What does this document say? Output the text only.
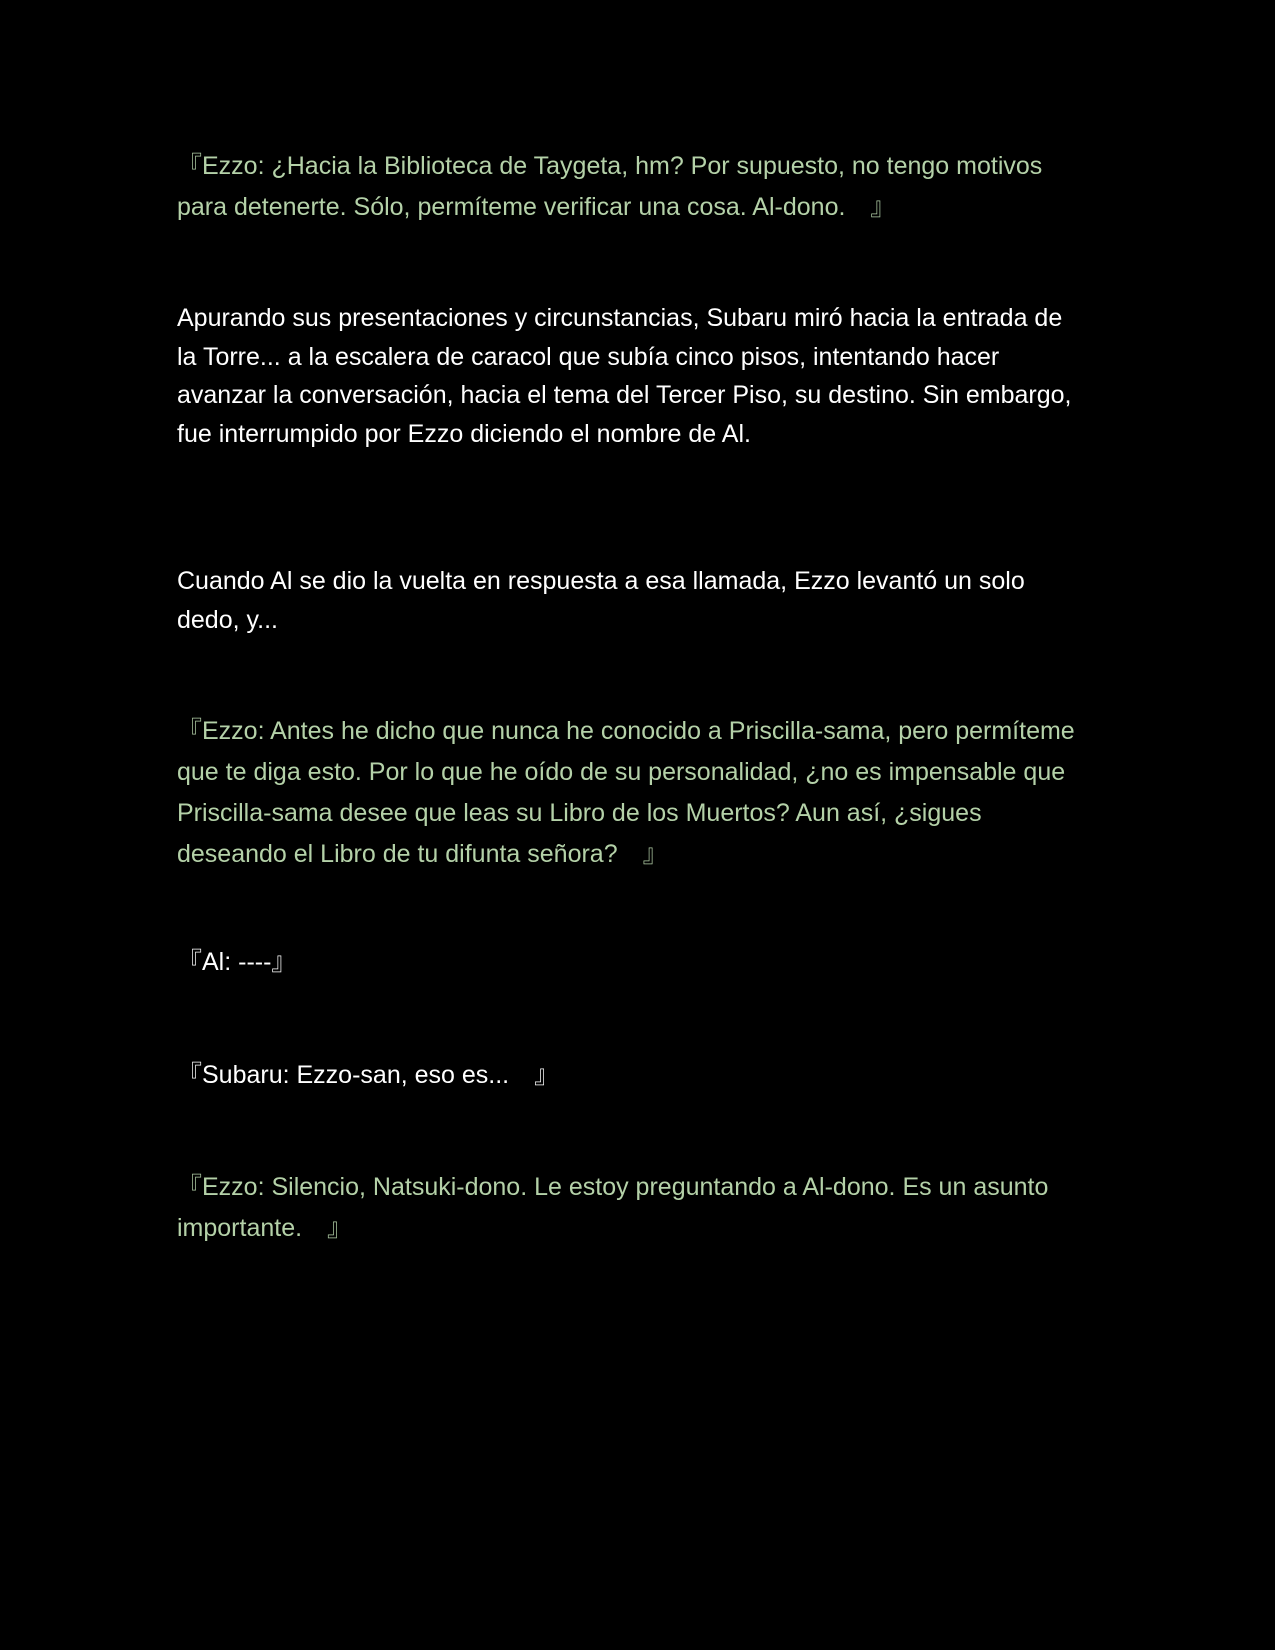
『Ezzo: ¿Hacia la Biblioteca de Taygeta, hm? Por supuesto, no tengo motivos para detenerte. Sólo, permíteme verificar una cosa. Al-dono.　』

Apurando sus presentaciones y circunstancias, Subaru miró hacia la entrada de la Torre... a la escalera de caracol que subía cinco pisos, intentando hacer avanzar la conversación, hacia el tema del Tercer Piso, su destino. Sin embargo, fue interrumpido por Ezzo diciendo el nombre de Al.

Cuando Al se dio la vuelta en respuesta a esa llamada, Ezzo levantó un solo dedo, y...

『Ezzo: Antes he dicho que nunca he conocido a Priscilla-sama, pero permíteme que te diga esto. Por lo que he oído de su personalidad, ¿no es impensable que Priscilla-sama desee que leas su Libro de los Muertos? Aun así, ¿sigues deseando el Libro de tu difunta señora?　』

『Al: ----』

『Subaru: Ezzo-san, eso es...　』

『Ezzo: Silencio, Natsuki-dono. Le estoy preguntando a Al-dono. Es un asunto importante.　』
